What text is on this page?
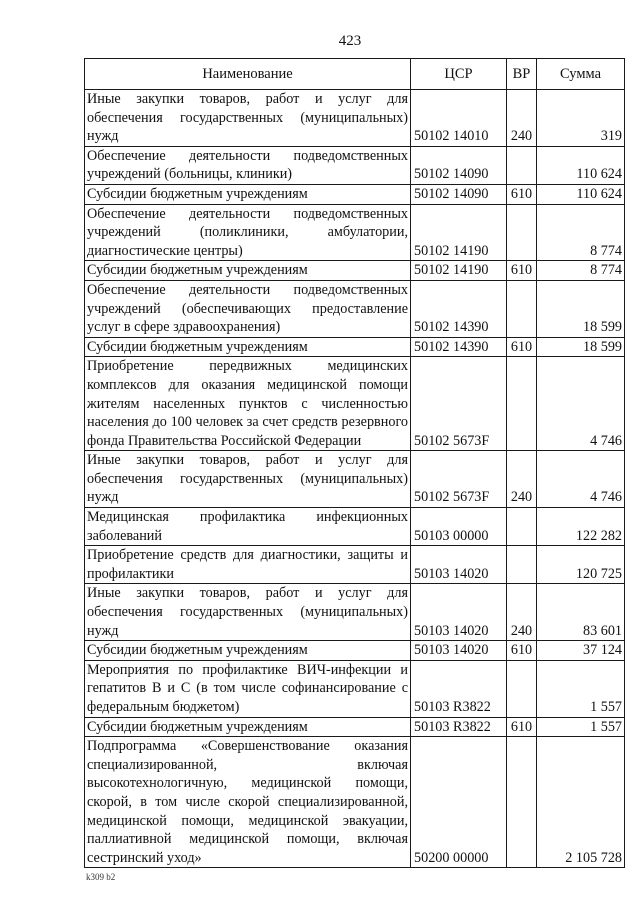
423
Наименование	ЦСР	ВР	Сумма
Иные закупки товаров, работ и услуг для обеспечения государственных (муниципальных) нужд	50102 14010	240	319
Обеспечение деятельности подведомственных учреждений (больницы, клиники)	50102 14090		110 624
Субсидии бюджетным учреждениям	50102 14090	610	110 624
Обеспечение деятельности подведомственных учреждений (поликлиники, амбулатории, диагностические центры)	50102 14190		8 774
Субсидии бюджетным учреждениям	50102 14190	610	8 774
Обеспечение деятельности подведомственных учреждений (обеспечивающих предоставление услуг в сфере здравоохранения)	50102 14390		18 599
Субсидии бюджетным учреждениям	50102 14390	610	18 599
Приобретение передвижных медицинских комплексов для оказания медицинской помощи жителям населенных пунктов с численностью населения до 100 человек за счет средств резервного фонда Правительства Российской Федерации	50102 5673F		4 746
Иные закупки товаров, работ и услуг для обеспечения государственных (муниципальных) нужд	50102 5673F	240	4 746
Медицинская профилактика инфекционных заболеваний	50103 00000		122 282
Приобретение средств для диагностики, защиты и профилактики	50103 14020		120 725
Иные закупки товаров, работ и услуг для обеспечения государственных (муниципальных) нужд	50103 14020	240	83 601
Субсидии бюджетным учреждениям	50103 14020	610	37 124
Мероприятия по профилактике ВИЧ-инфекции и гепатитов B и C (в том числе софинансирование с федеральным бюджетом)	50103 R3822		1 557
Субсидии бюджетным учреждениям	50103 R3822	610	1 557
Подпрограмма «Совершенствование оказания специализированной, включая высокотехнологичную, медицинской помощи, скорой, в том числе скорой специализированной, медицинской помощи, медицинской эвакуации, паллиативной медицинской помощи, включая сестринский уход»	50200 00000		2 105 728
k309 b2
